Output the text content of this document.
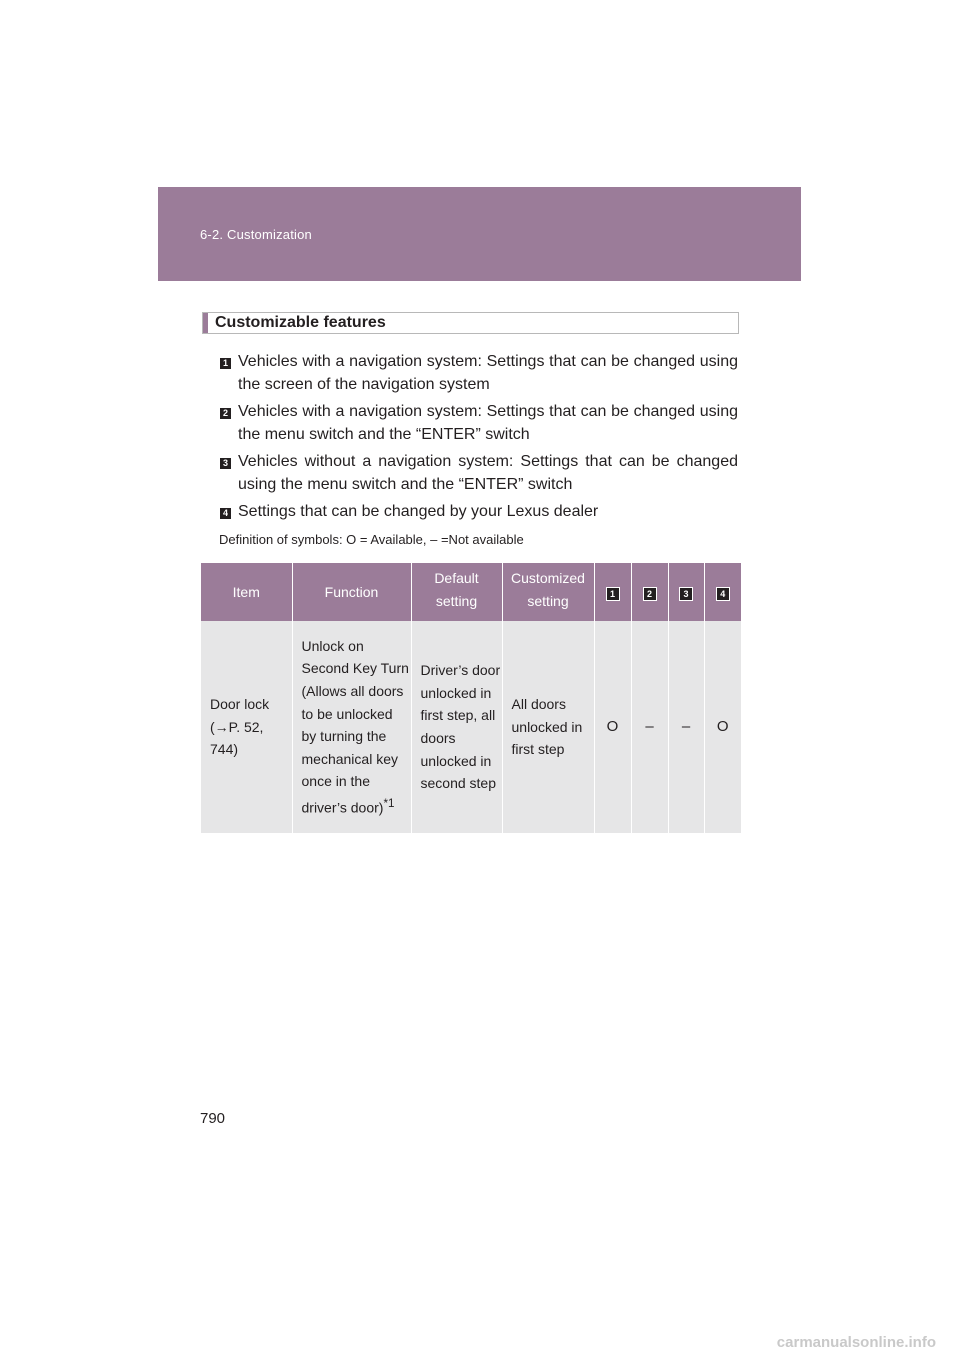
6-2. Customization
Customizable features
1 Vehicles with a navigation system: Settings that can be changed using the screen of the navigation system
2 Vehicles with a navigation system: Settings that can be changed using the menu switch and the “ENTER” switch
3 Vehicles without a navigation system: Settings that can be changed using the menu switch and the “ENTER” switch
4 Settings that can be changed by your Lexus dealer
Definition of symbols: O = Available, – =Not available
Item	Function	Default setting	Customized setting	1	2	3	4
Door lock (→P. 52, 744)	Unlock on Second Key Turn (Allows all doors to be unlocked by turning the mechanical key once in the driver’s door)$^{*1}$	Driver’s door unlocked in first step, all doors unlocked in second step	All doors unlocked in first step	O	–	–	O
790
carmanualsonline.info
